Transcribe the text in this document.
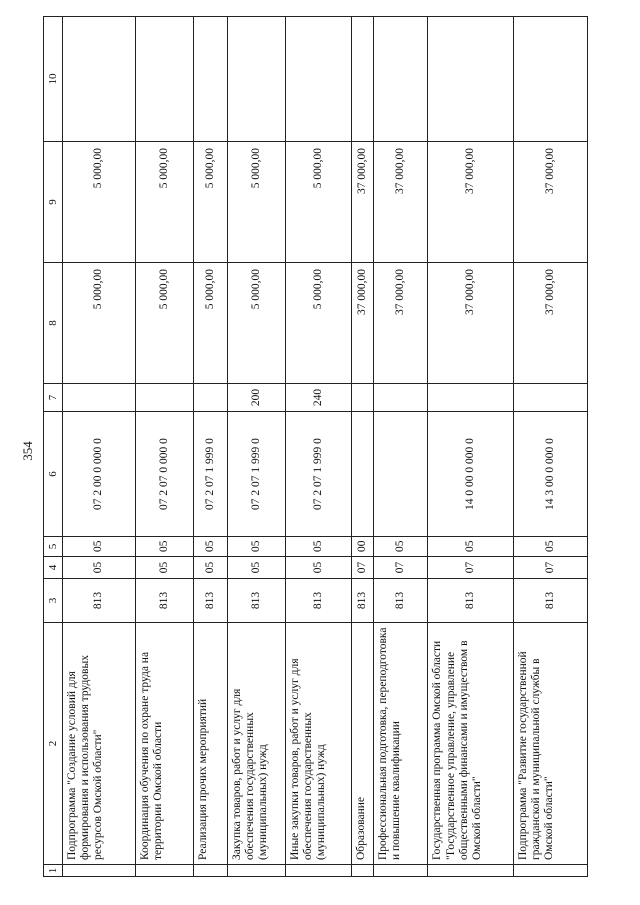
354
1	2	3	4	5	6	7	8	9	10
	Подпрограмма "Создание условий для формирования и использования трудовых ресурсов Омской области"	813	05	05	07 2 00 0 000 0		5 000,00	5 000,00	
	Координация обучения по охране труда на территории Омской области	813	05	05	07 2 07 0 000 0		5 000,00	5 000,00	
	Реализация прочих мероприятий	813	05	05	07 2 07 1 999 0		5 000,00	5 000,00	
	Закупка товаров, работ и услуг для обеспечения государственных (муниципальных) нужд	813	05	05	07 2 07 1 999 0	200	5 000,00	5 000,00	
	Иные закупки товаров, работ и услуг для обеспечения государственных (муниципальных) нужд	813	05	05	07 2 07 1 999 0	240	5 000,00	5 000,00	
	Образование	813	07	00			37 000,00	37 000,00	
	Профессиональная подготовка, переподготовка и повышение квалификации	813	07	05			37 000,00	37 000,00	
	Государственная программа Омской области "Государственное управление, управление общественными финансами и имуществом в Омской области"	813	07	05	14 0 00 0 000 0		37 000,00	37 000,00	
	Подпрограмма "Развитие государственной гражданской и муниципальной службы в Омской области"	813	07	05	14 3 00 0 000 0		37 000,00	37 000,00	
